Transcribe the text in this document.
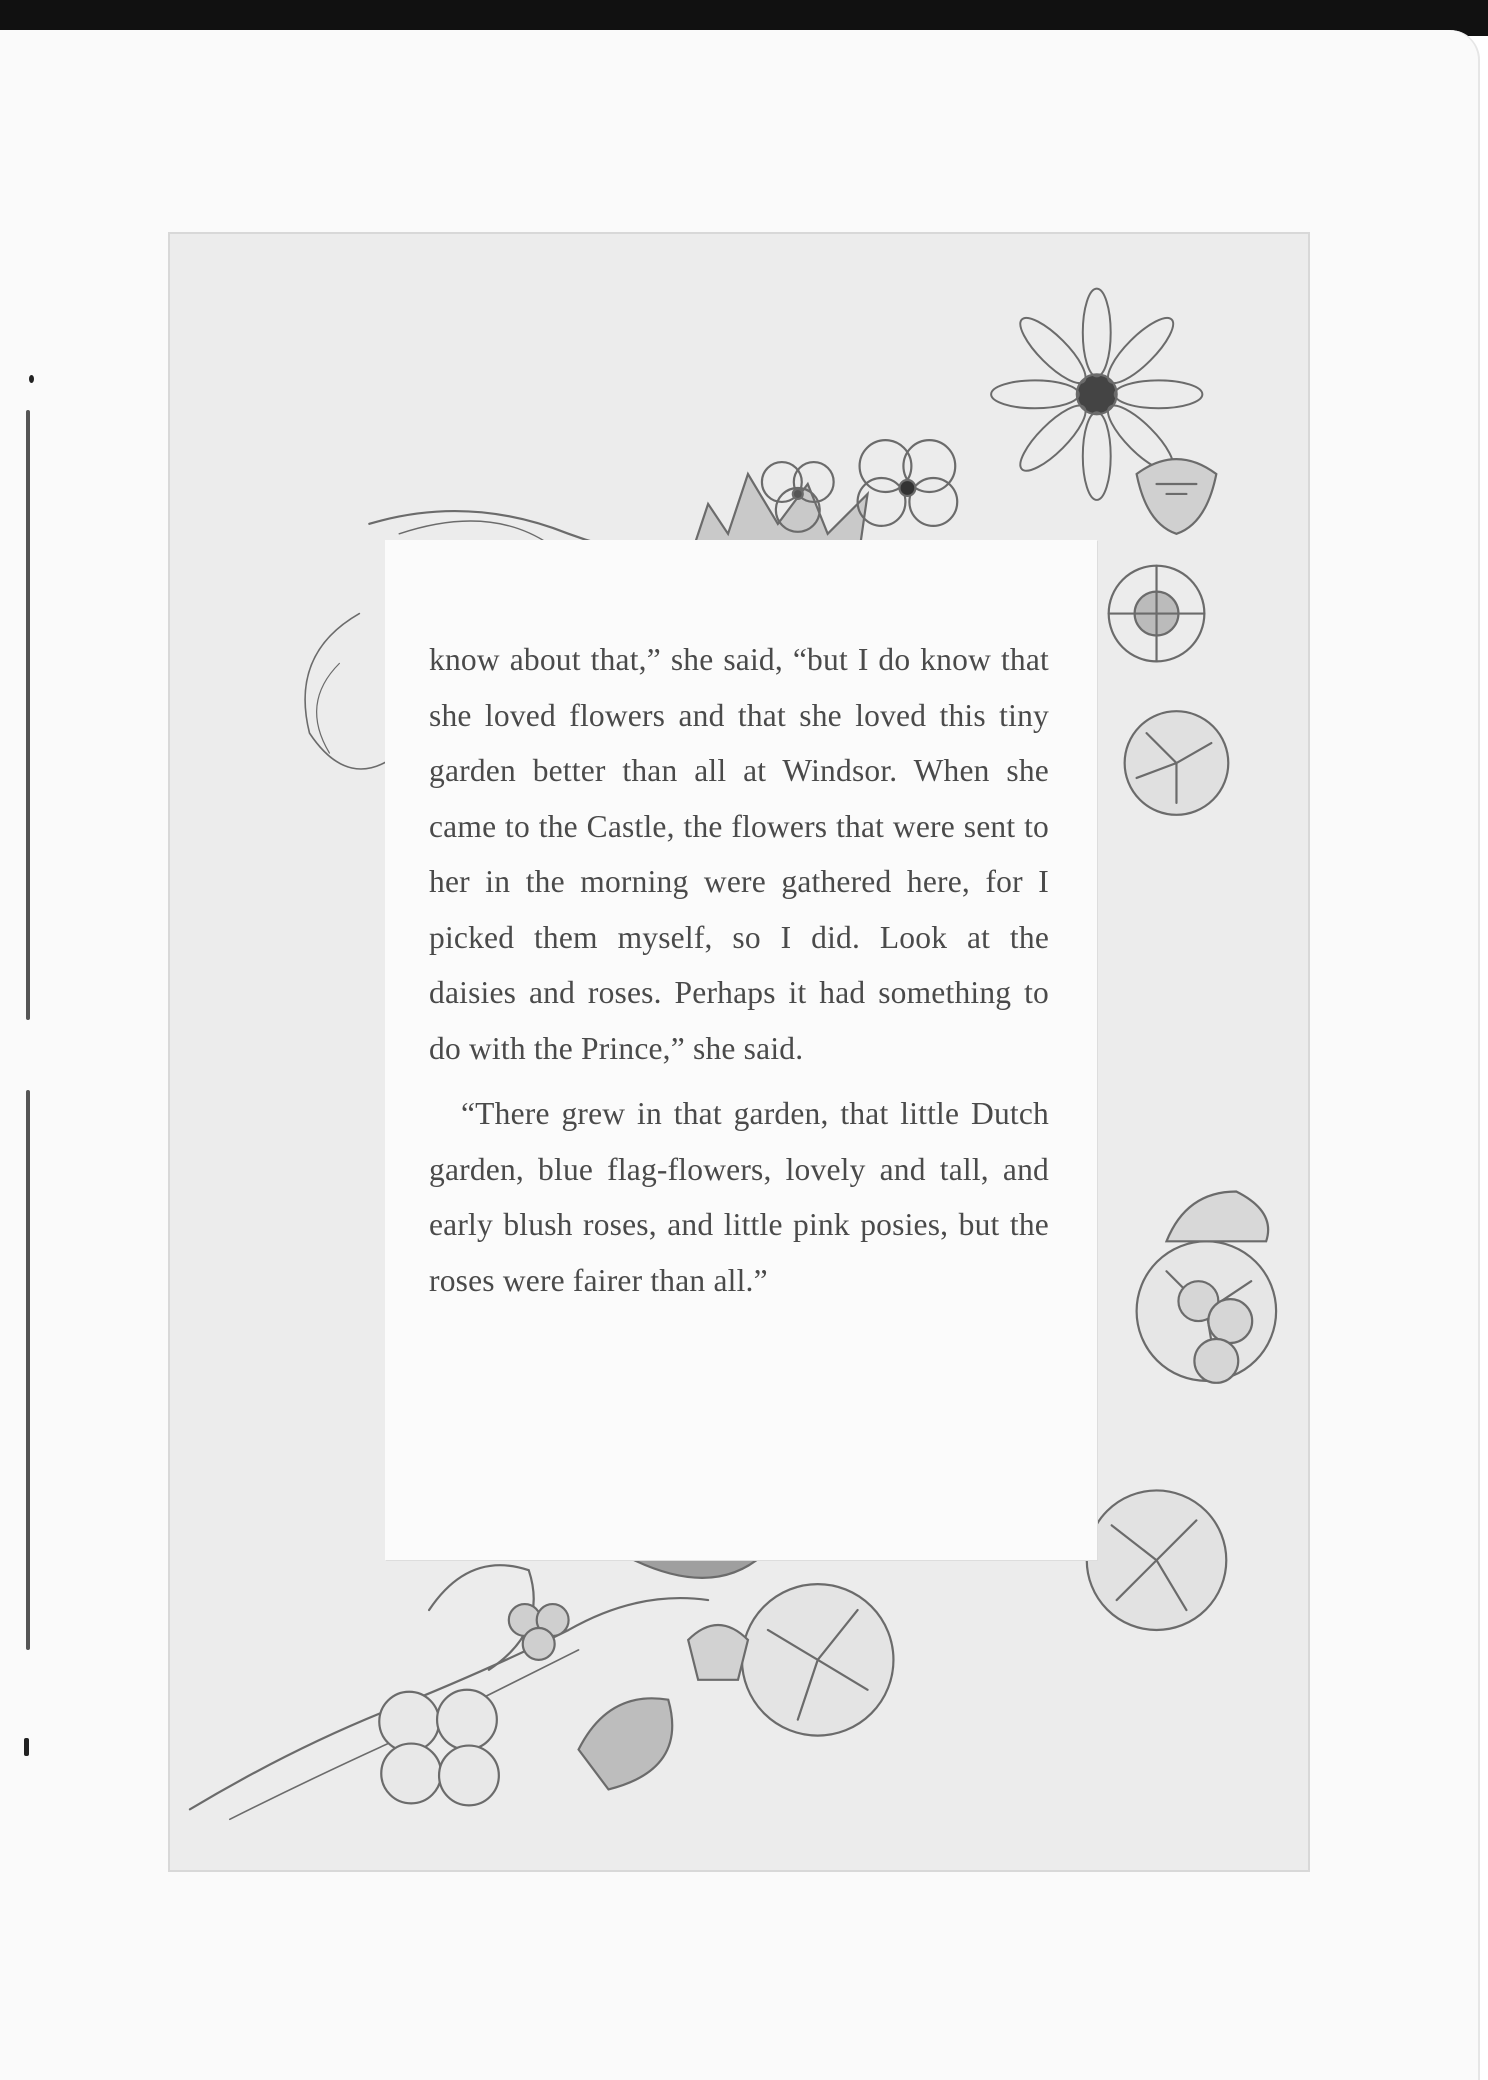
know about that,” she said, “but I do know that she loved flowers and that she loved this tiny garden better than all at Windsor. When she came to the Castle, the flowers that were sent to her in the morning were gathered here, for I picked them myself, so I did. Look at the daisies and roses. Perhaps it had something to do with the Prince,” she said.

“There grew in that garden, that little Dutch garden, blue flag-flowers, lovely and tall, and early blush roses, and little pink posies, but the roses were fairer than all.”
